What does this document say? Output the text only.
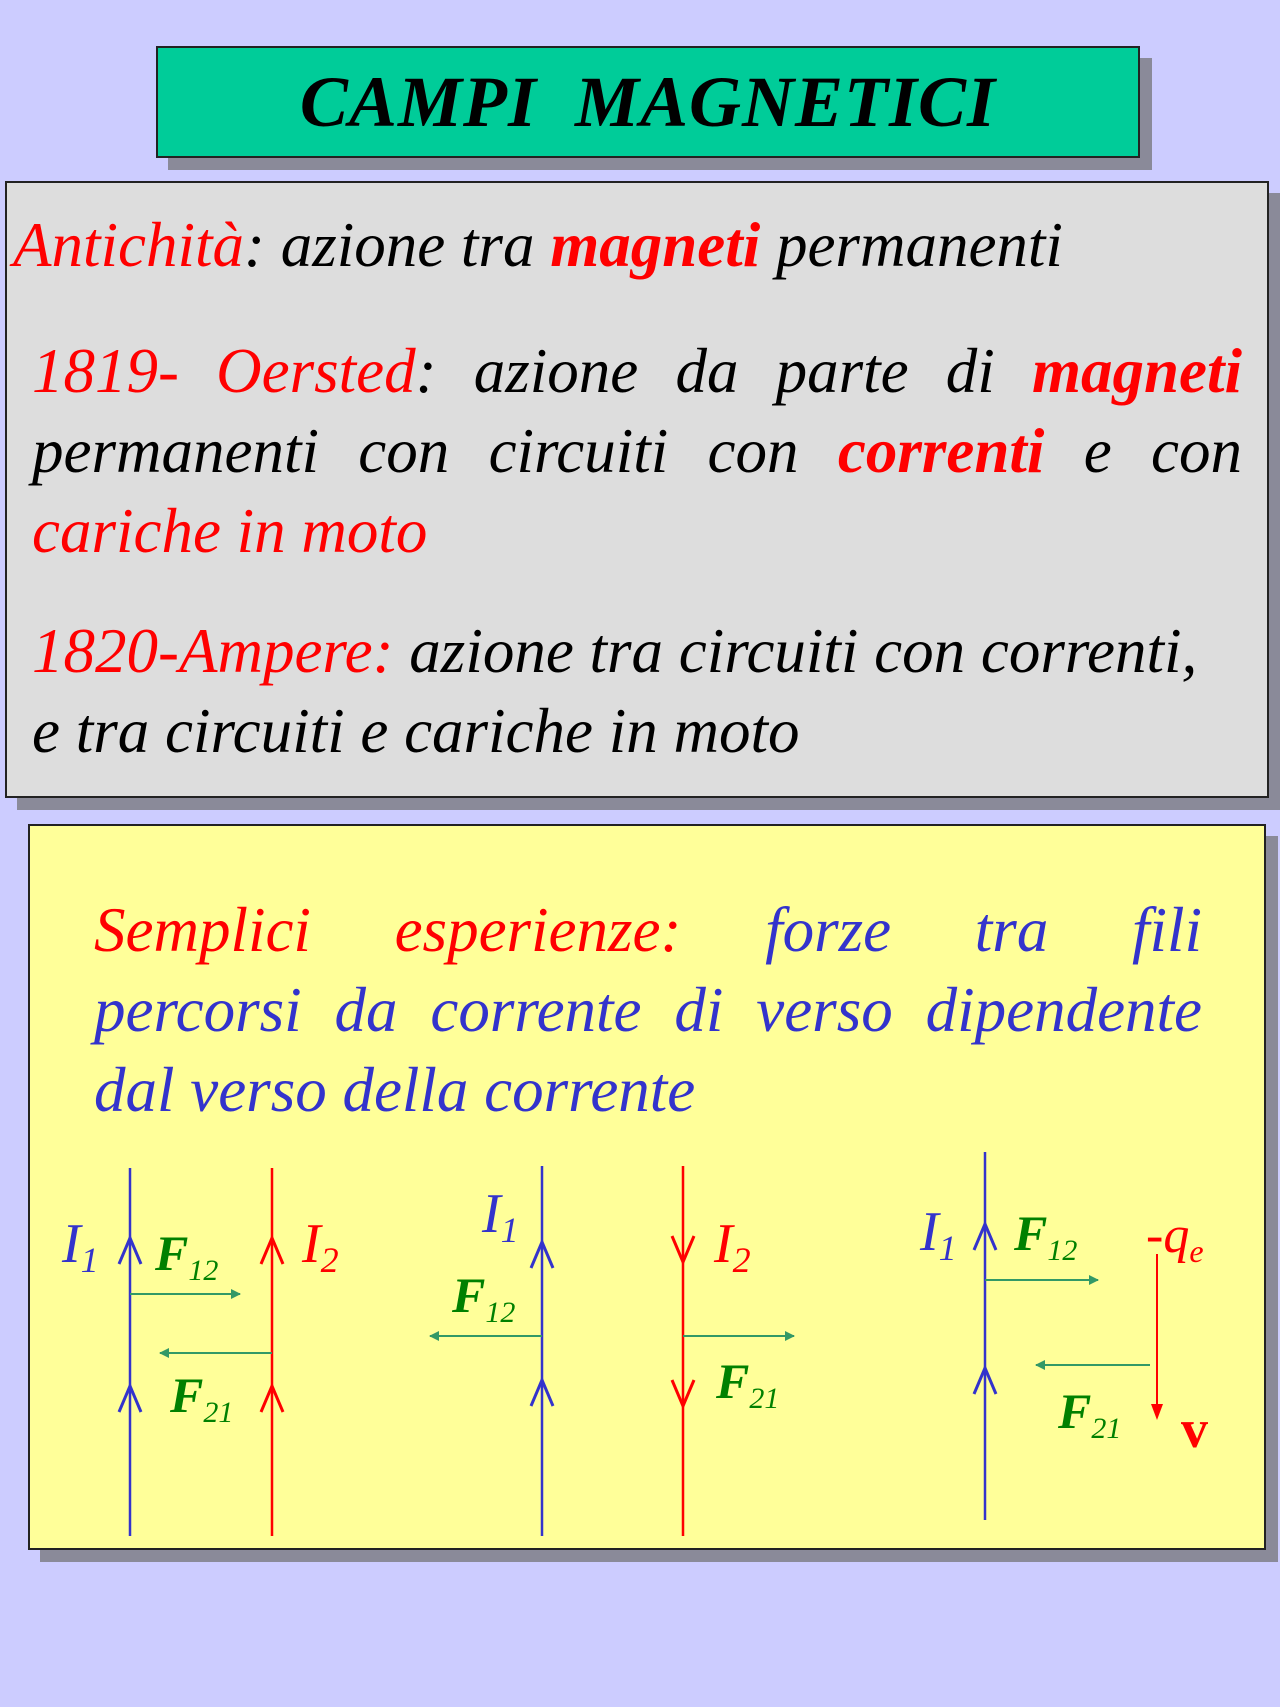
CAMPI  MAGNETICI
Antichità: azione tra magneti permanenti
1819- Oersted: azione da parte di magneti
permanenti con circuiti con correnti e con
cariche in moto
1820-Ampere: azione tra circuiti con correnti,
e tra circuiti e cariche in moto
Semplici esperienze: forze tra fili
percorsi da corrente di verso dipendente
dal verso della corrente
I1	I2
$F_{12}$
$F_{21}$
I1	I2
$F_{12}$
$F_{21}$
I1 $F_{12}$ -qe
$F_{21}$ v
